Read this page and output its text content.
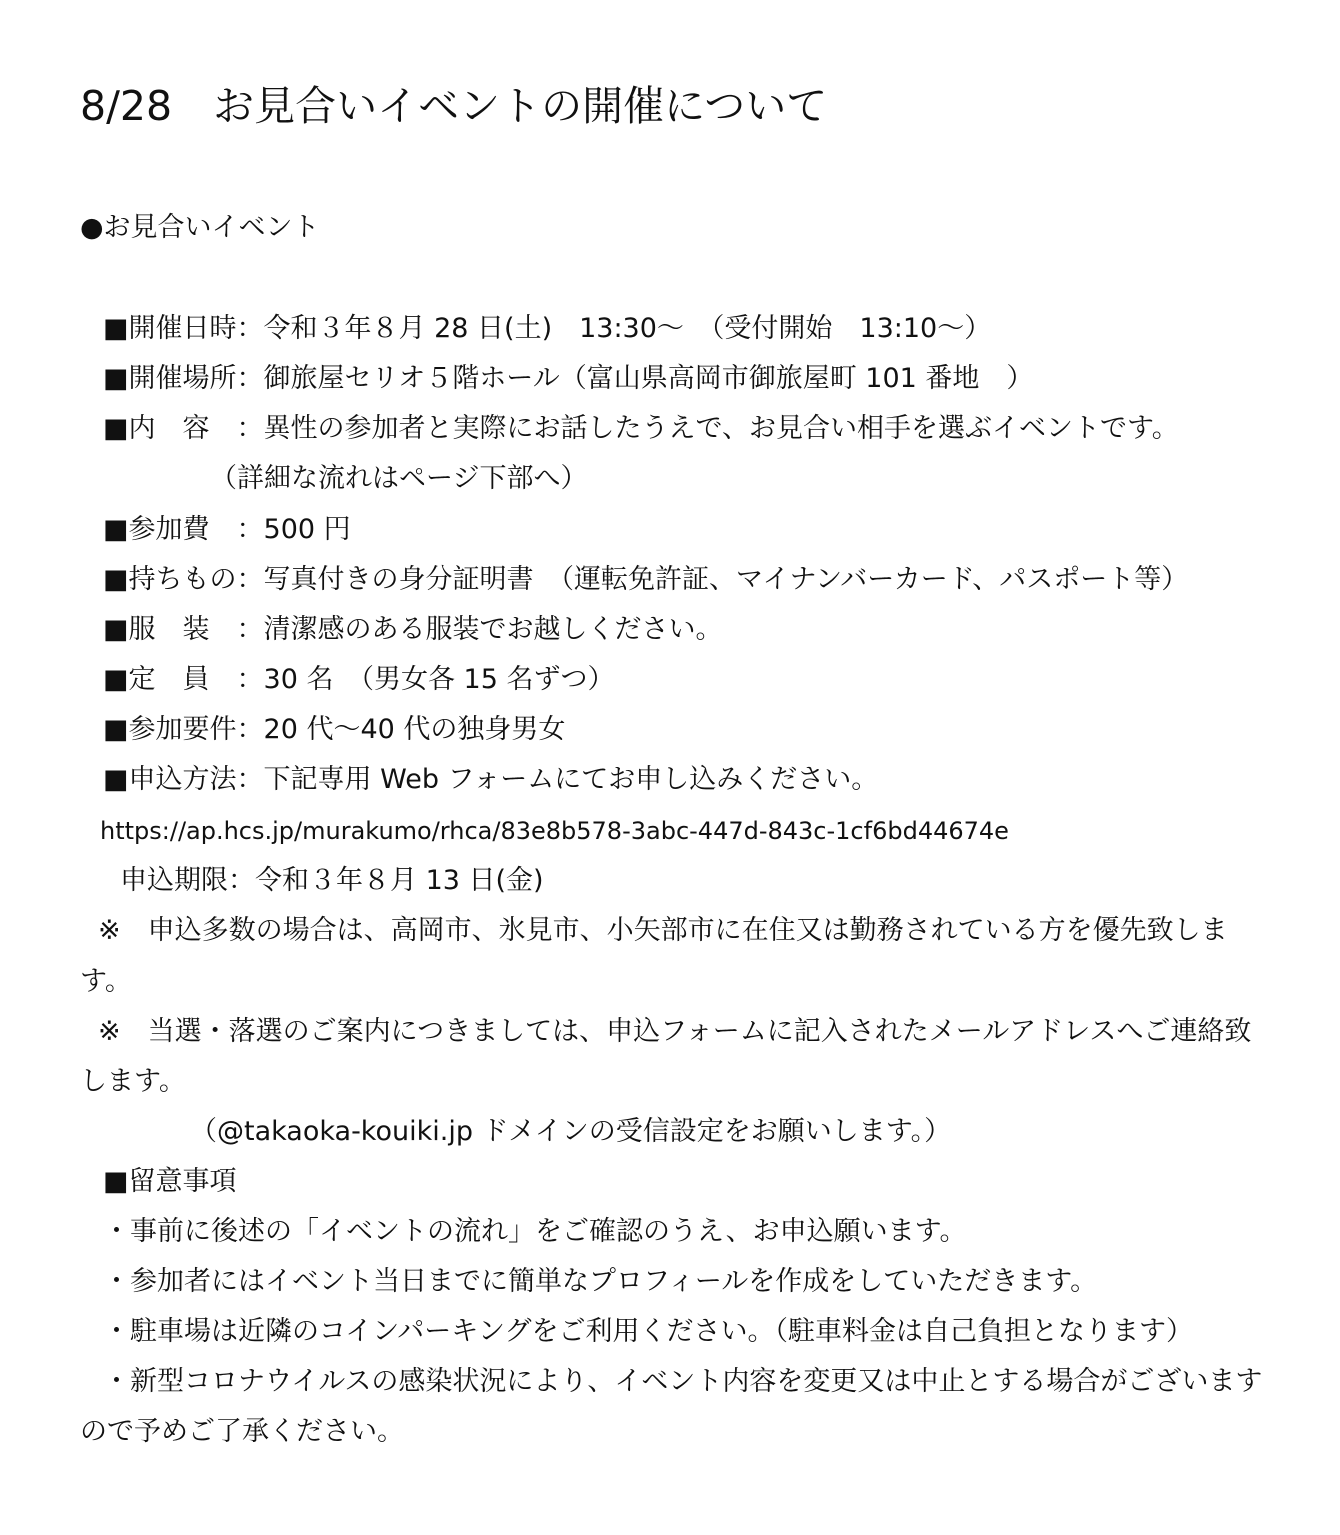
8/28　お見合いイベントの開催について
●お見合いイベント
■開催日時：令和３年８月 28 日(土)　13:30～　（受付開始　13:10～）
■開催場所：御旅屋セリオ５階ホール（富山県高岡市御旅屋町 101 番地　）
■内　容　：異性の参加者と実際にお話したうえで、お見合い相手を選ぶイベントです。
（詳細な流れはページ下部へ）
■参加費　：500 円
■持ちもの：写真付きの身分証明書　（運転免許証、マイナンバーカード、パスポート等）
■服　装　：清潔感のある服装でお越しください。
■定　員　：30 名　（男女各 15 名ずつ）
■参加要件：20 代～40 代の独身男女
■申込方法：下記専用 Web フォームにてお申し込みください。
https://ap.hcs.jp/murakumo/rhca/83e8b578-3abc-447d-843c-1cf6bd44674e
申込期限：令和３年８月 13 日(金)
※　申込多数の場合は、高岡市、氷見市、小矢部市に在住又は勤務されている方を優先致しま
す。
※　当選・落選のご案内につきましては、申込フォームに記入されたメールアドレスへご連絡致
します。
（@takaoka-kouiki.jp ドメインの受信設定をお願いします。）
■留意事項
・事前に後述の「イベントの流れ」をご確認のうえ、お申込願います。
・参加者にはイベント当日までに簡単なプロフィールを作成をしていただきます。
・駐車場は近隣のコインパーキングをご利用ください。（駐車料金は自己負担となります）
・新型コロナウイルスの感染状況により、イベント内容を変更又は中止とする場合がございます
ので予めご了承ください。
